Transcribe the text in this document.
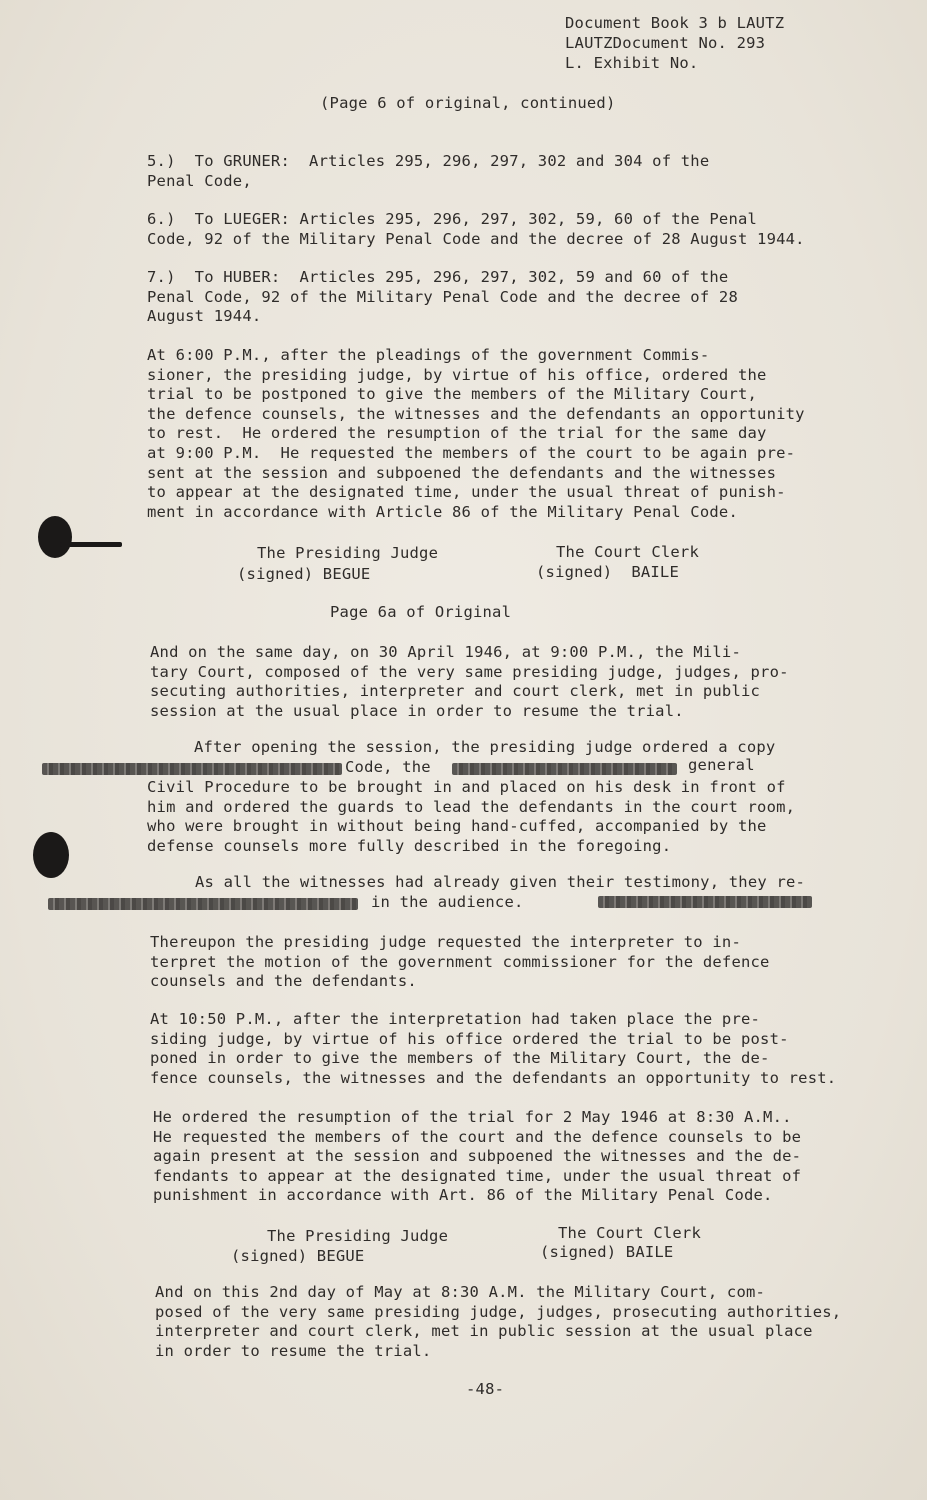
Document Book 3 b LAUTZ
LAUTZDocument No. 293
L. Exhibit No.
(Page 6 of original, continued)
5.)  To GRUNER:  Articles 295, 296, 297, 302 and 304 of the
Penal Code,
6.)  To LUEGER: Articles 295, 296, 297, 302, 59, 60 of the Penal
Code, 92 of the Military Penal Code and the decree of 28 August 1944.
7.)  To HUBER:  Articles 295, 296, 297, 302, 59 and 60 of the
Penal Code, 92 of the Military Penal Code and the decree of 28
August 1944.
At 6:00 P.M., after the pleadings of the government Commis-
sioner, the presiding judge, by virtue of his office, ordered the
trial to be postponed to give the members of the Military Court,
the defence counsels, the witnesses and the defendants an opportunity
to rest.  He ordered the resumption of the trial for the same day
at 9:00 P.M.  He requested the members of the court to be again pre-
sent at the session and subpoened the defendants and the witnesses
to appear at the designated time, under the usual threat of punish-
ment in accordance with Article 86 of the Military Penal Code.
The Presiding Judge
(signed) BEGUE
The Court Clerk
(signed)  BAILE
Page 6a of Original
And on the same day, on 30 April 1946, at 9:00 P.M., the Mili-
tary Court, composed of the very same presiding judge, judges, pro-
secuting authorities, interpreter and court clerk, met in public
session at the usual place in order to resume the trial.
After opening the session, the presiding judge ordered a copy
Code, the	general
Civil Procedure to be brought in and placed on his desk in front of
him and ordered the guards to lead the defendants in the court room,
who were brought in without being hand-cuffed, accompanied by the
defense counsels more fully described in the foregoing.
As all the witnesses had already given their testimony, they re-
in the audience.
Thereupon the presiding judge requested the interpreter to in-
terpret the motion of the government commissioner for the defence
counsels and the defendants.
At 10:50 P.M., after the interpretation had taken place the pre-
siding judge, by virtue of his office ordered the trial to be post-
poned in order to give the members of the Military Court, the de-
fence counsels, the witnesses and the defendants an opportunity to rest.
He ordered the resumption of the trial for 2 May 1946 at 8:30 A.M..
He requested the members of the court and the defence counsels to be
again present at the session and subpoened the witnesses and the de-
fendants to appear at the designated time, under the usual threat of
punishment in accordance with Art. 86 of the Military Penal Code.
The Presiding Judge
(signed) BEGUE
The Court Clerk
(signed) BAILE
And on this 2nd day of May at 8:30 A.M. the Military Court, com-
posed of the very same presiding judge, judges, prosecuting authorities,
interpreter and court clerk, met in public session at the usual place
in order to resume the trial.
-48-
